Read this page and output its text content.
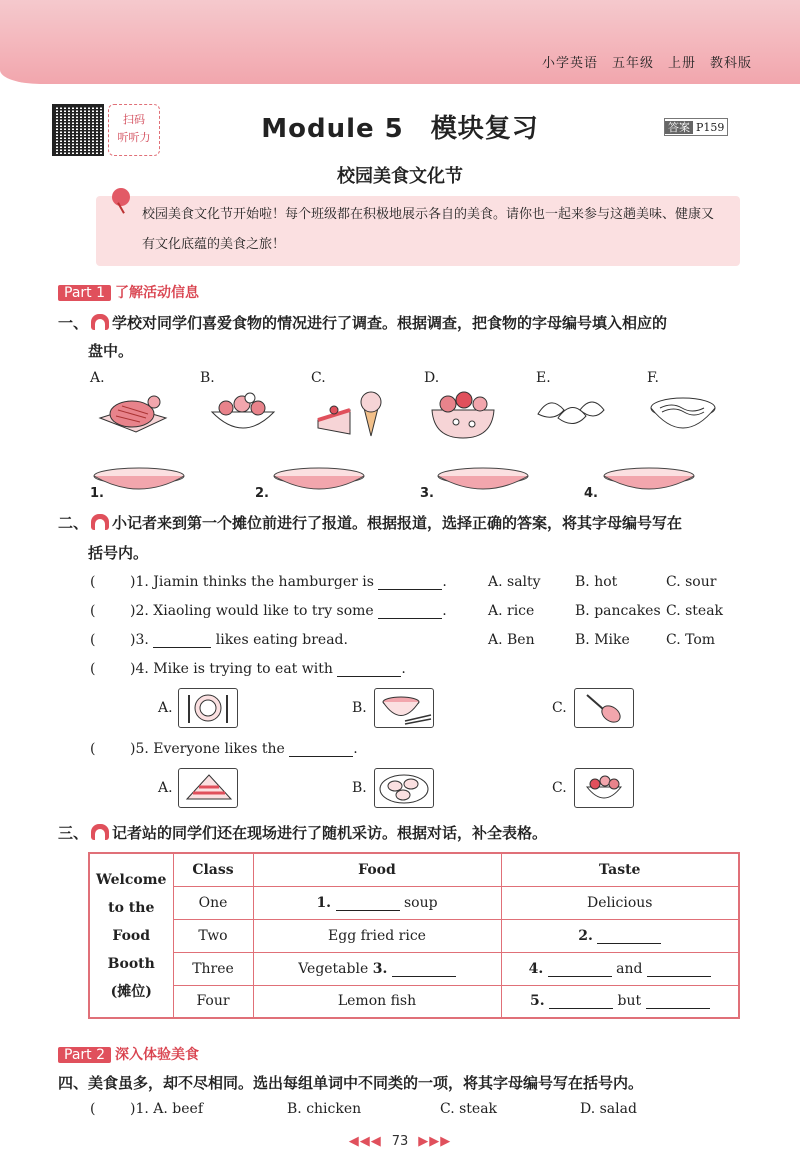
小学英语　五年级　上册　教科版
扫码
听听力	Module 5　模块复习	答案 P159
校园美食文化节
校园美食文化节开始啦！每个班级都在积极地展示各自的美食。请你也一起来参与这趟美味、健康又有文化底蕴的美食之旅！
Part 1 了解活动信息
一、 学校对同学们喜爱食物的情况进行了调查。根据调查，把食物的字母编号填入相应的
盘中。
A.	B.	C.	D.	E.	F.
1.	2.	3.	4.
二、 小记者来到第一个摊位前进行了报道。根据报道，选择正确的答案，将其字母编号写在
括号内。
( )1. Jiamin thinks the hamburger is	.	A. salty B. hot	C. sour
( )2. Xiaoling would like to try some	.	A. rice	B. pancakes C. steak
( )3.	likes eating bread.	A. Ben	B. Mike	C. Tom
( )4. Mike is trying to eat with	.
A.	B.	C.
( )5. Everyone likes the	.
A.	B.	C.
三、 记者站的同学们还在现场进行了随机采访。根据对话，补全表格。
Welcome
to the
Food
Booth
(摊位)	Class	Food	Taste
	One	1. soup	Delicious
	Two	Egg fried rice	2.
	Three	Vegetable 3.	4. and
	Four	Lemon fish	5. but
Part 2 深入体验美食
四、美食虽多，却不尽相同。选出每组单词中不同类的一项，将其字母编号写在括号内。
( )1. A. beef	B. chicken	C. steak	D. salad
◀◀◀ 73 ▶▶▶
